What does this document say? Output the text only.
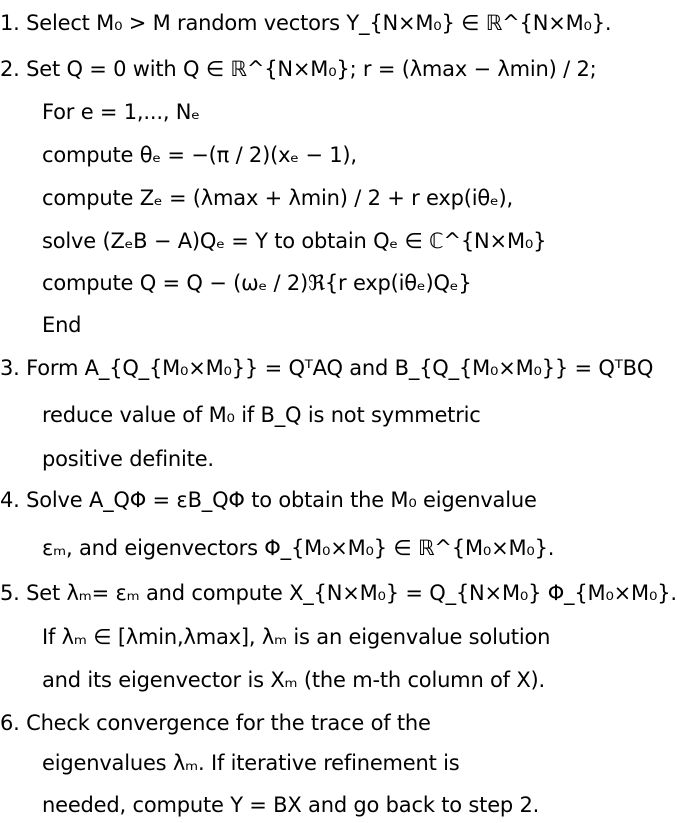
1. Select M₀ > M random vectors Y_{N×M₀} ∈ ℝ^{N×M₀}.
2. Set Q = 0 with Q ∈ ℝ^{N×M₀}; r = (λmax − λmin) / 2;
For e = 1,..., Nₑ
compute θₑ = −(π / 2)(xₑ − 1),
compute Zₑ = (λmax + λmin) / 2 + r exp(iθₑ),
solve (ZₑB − A)Qₑ = Y to obtain Qₑ ∈ ℂ^{N×M₀}
compute Q = Q − (ωₑ / 2)ℜ{r exp(iθₑ)Qₑ}
End
3. Form A_{Q_{M₀×M₀}} = QᵀAQ and B_{Q_{M₀×M₀}} = QᵀBQ
reduce value of M₀ if B_Q is not symmetric
positive definite.
4. Solve A_QΦ = εB_QΦ to obtain the M₀ eigenvalue
εₘ, and eigenvectors Φ_{M₀×M₀} ∈ ℝ^{M₀×M₀}.
5. Set λₘ= εₘ and compute X_{N×M₀} = Q_{N×M₀} Φ_{M₀×M₀}.
If λₘ ∈ [λmin,λmax], λₘ is an eigenvalue solution
and its eigenvector is Xₘ (the m-th column of X).
6. Check convergence for the trace of the
eigenvalues λₘ. If iterative refinement is
needed, compute Y = BX and go back to step 2.
